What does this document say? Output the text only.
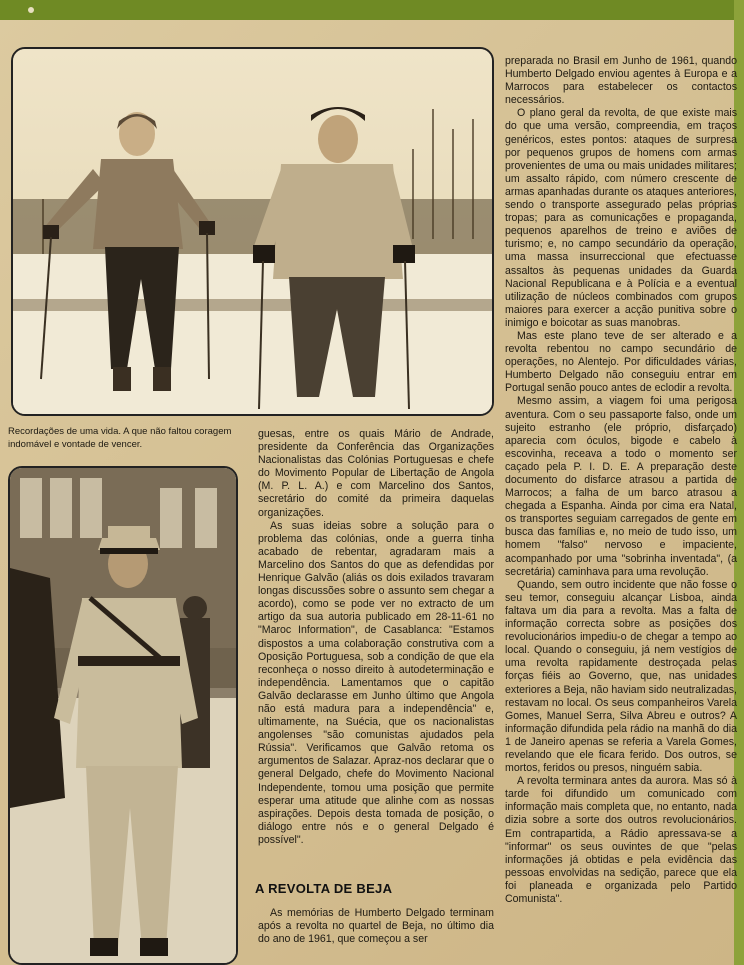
Recordações de uma vida. A que não faltou coragem indomável e vontade de vencer.

guesas, entre os quais Mário de Andrade, presidente da Conferência das Organizações Nacionalistas das Colónias Portuguesas e chefe do Movimento Popular de Libertação de Angola (M. P. L. A.) e com Marcelino dos Santos, secretário do comité da primeira daquelas organizações.

As suas ideias sobre a solução para o problema das colónias, onde a guerra tinha acabado de rebentar, agradaram mais a Marcelino dos Santos do que as defendidas por Henrique Galvão (aliás os dois exilados travaram longas discussões sobre o assunto sem chegar a acordo), como se pode ver no extracto de um artigo da sua autoria publicado em 28-11-61 no "Maroc Information", de Casablanca: "Estamos dispostos a uma colaboração construtiva com a Oposição Portuguesa, sob a condição de que ela reconheça o nosso direito à autodeterminação e independência. Lamentamos que o capitão Galvão declarasse em Junho último que Angola não está madura para a independência" e, ultimamente, na Suécia, que os nacionalistas angolenses "são comunistas ajudados pela Rússia". Verificamos que Galvão retoma os argumentos de Salazar. Apraz-nos declarar que o general Delgado, chefe do Movimento Nacional Independente, tomou uma posição que permite esperar uma atitude que alinhe com as nossas aspirações. Depois desta tomada de posição, o diálogo entre nós e o general Delgado é possível".

A REVOLTA DE BEJA

As memórias de Humberto Delgado terminam após a revolta no quartel de Beja, no último dia do ano de 1961, que começou a ser

preparada no Brasil em Junho de 1961, quando Humberto Delgado enviou agentes à Europa e a Marrocos para estabelecer os contactos necessários.

O plano geral da revolta, de que existe mais do que uma versão, compreendia, em traços genéricos, estes pontos: ataques de surpresa por pequenos grupos de homens com armas provenientes de uma ou mais unidades militares; um assalto rápido, com número crescente de armas apanhadas durante os ataques anteriores, sendo o transporte assegurado pelas próprias tropas; para as comunicações e propaganda, pequenos aparelhos de treino e aviões de turismo; e, no campo secundário da operação, uma massa insurreccional que efectuasse assaltos às pequenas unidades da Guarda Nacional Republicana e à Polícia e a eventual utilização de núcleos combinados com grupos maiores para exercer a acção punitiva sobre o inimigo e boicotar as suas manobras.

Mas este plano teve de ser alterado e a revolta rebentou no campo secundário de operações, no Alentejo. Por dificuldades várias, Humberto Delgado não conseguiu entrar em Portugal senão pouco antes de eclodir a revolta.

Mesmo assim, a viagem foi uma perigosa aventura. Com o seu passaporte falso, onde um sujeito estranho (ele próprio, disfarçado) aparecia com óculos, bigode e cabelo à escovinha, receava a todo o momento ser caçado pela P. I. D. E. A preparação deste documento do disfarce atrasou a partida de Marrocos; a falha de um barco atrasou a chegada a Espanha. Ainda por cima era Natal, os transportes seguiam carregados de gente em busca das famílias e, no meio de tudo isso, um homem "falso" nervoso e impaciente, acompanhado por uma "sobrinha inventada", (a secretária) caminhava para uma revolução.

Quando, sem outro incidente que não fosse o seu temor, conseguiu alcançar Lisboa, ainda faltava um dia para a revolta. Mas a falta de informação correcta sobre as posições dos revolucionários impediu-o de chegar a tempo ao local. Quando o conseguiu, já nem vestígios de uma revolta rapidamente destroçada pelas forças fiéis ao Governo, que, nas unidades exteriores a Beja, não haviam sido neutralizadas, restavam no local. Os seus companheiros Varela Gomes, Manuel Serra, Silva Abreu e outros? A informação difundida pela rádio na manhã do dia 1 de Janeiro apenas se referia a Varela Gomes, revelando que ele ficara ferido. Dos outros, se mortos, feridos ou presos, ninguém sabia.

A revolta terminara antes da aurora. Mas só à tarde foi difundido um comunicado com informação mais completa que, no entanto, nada dizia sobre a sorte dos outros revolucionários. Em contrapartida, a Rádio apressava-se a "informar" os seus ouvintes de que "pelas informações já obtidas e pela evidência das pessoas envolvidas na sedição, parece que ela foi planeada e organizada pelo Partido Comunista".
